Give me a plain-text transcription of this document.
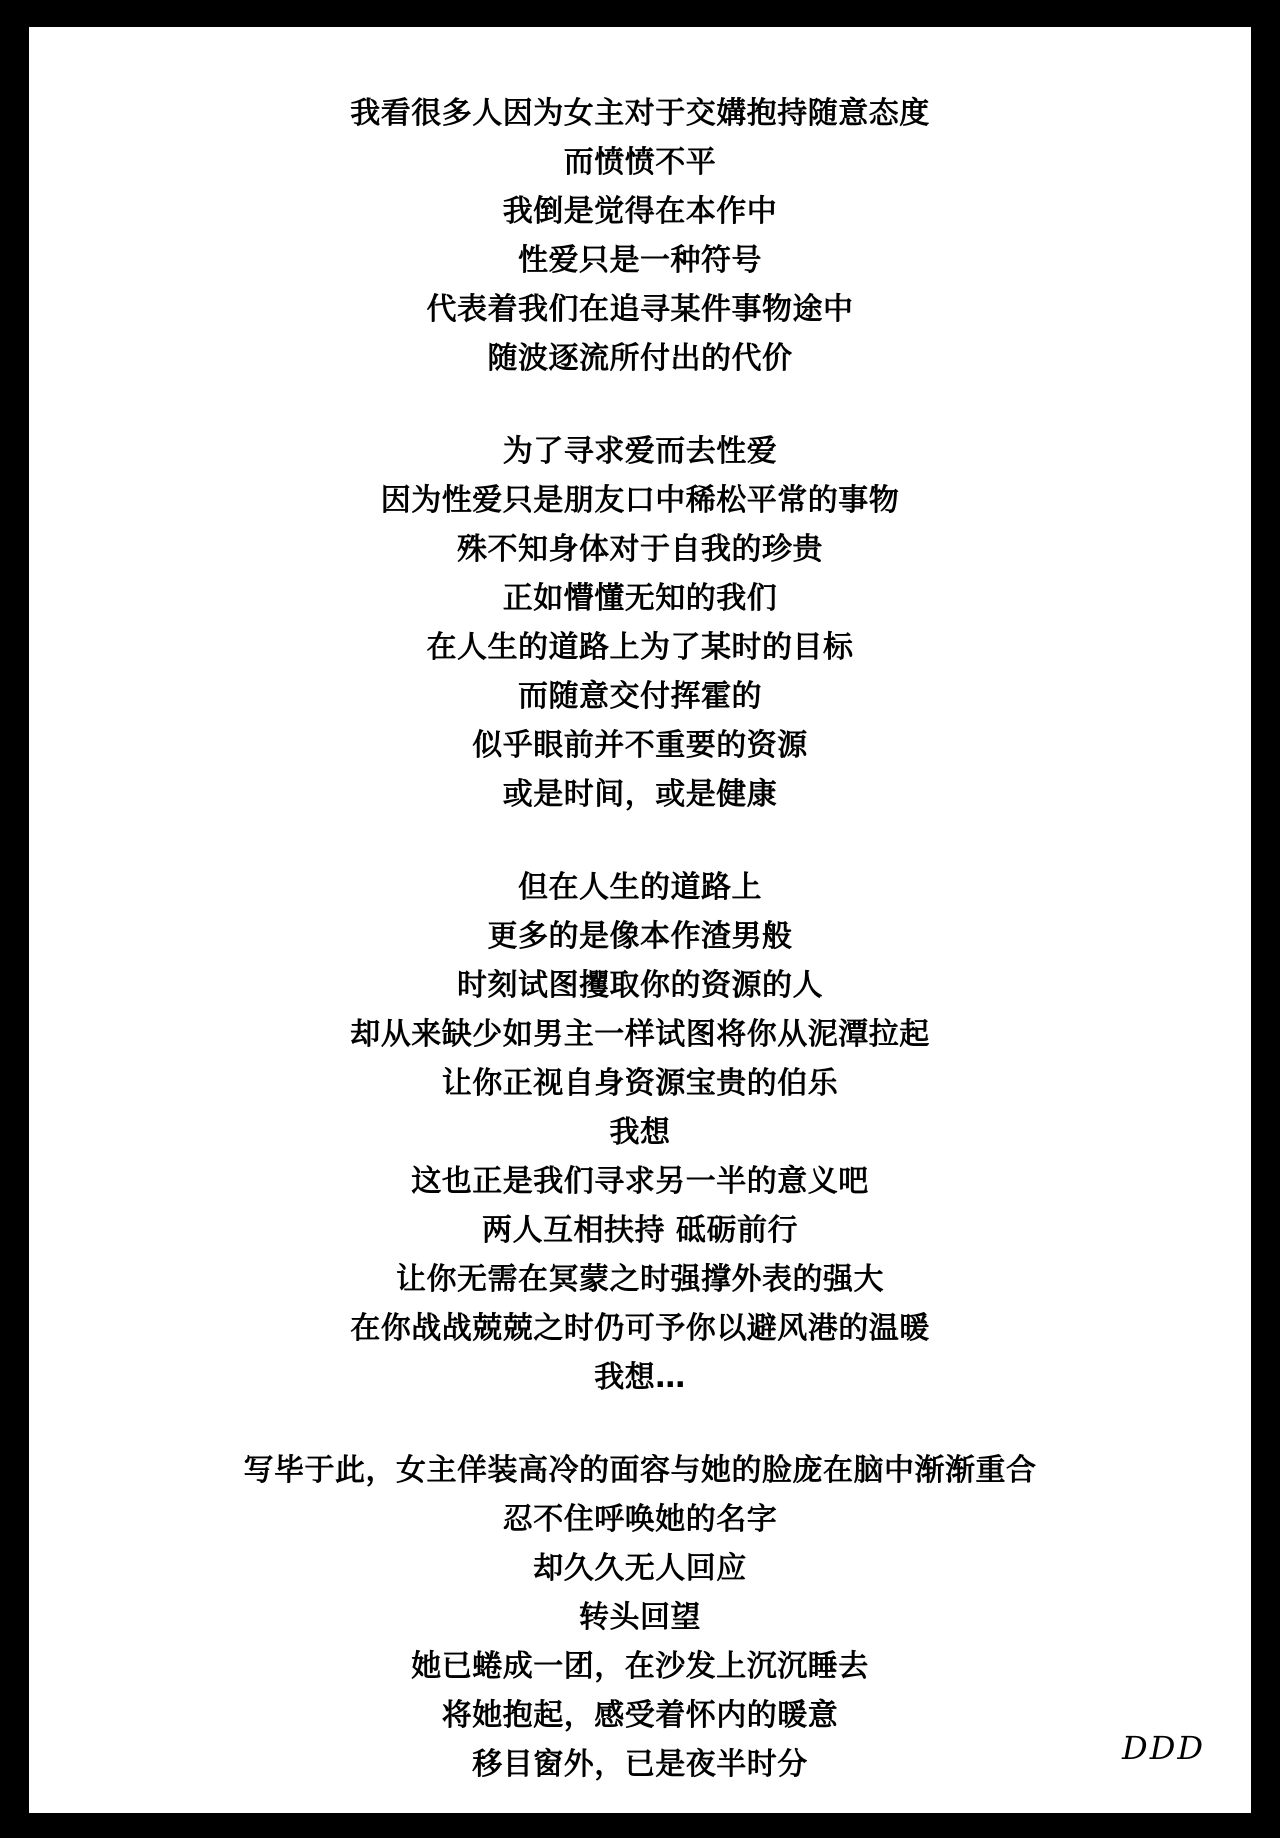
我看很多人因为女主对于交媾抱持随意态度
而愤愤不平
我倒是觉得在本作中
性爱只是一种符号
代表着我们在追寻某件事物途中
随波逐流所付出的代价
为了寻求爱而去性爱
因为性爱只是朋友口中稀松平常的事物
殊不知身体对于自我的珍贵
正如懵懂无知的我们
在人生的道路上为了某时的目标
而随意交付挥霍的
似乎眼前并不重要的资源
或是时间，或是健康
但在人生的道路上
更多的是像本作渣男般
时刻试图攫取你的资源的人
却从来缺少如男主一样试图将你从泥潭拉起
让你正视自身资源宝贵的伯乐
我想
这也正是我们寻求另一半的意义吧
两人互相扶持 砥砺前行
让你无需在冥蒙之时强撑外表的强大
在你战战兢兢之时仍可予你以避风港的温暖
我想…
写毕于此，女主佯装高冷的面容与她的脸庞在脑中渐渐重合
忍不住呼唤她的名字
却久久无人回应
转头回望
她已蜷成一团，在沙发上沉沉睡去
将她抱起，感受着怀内的暖意
移目窗外，已是夜半时分	DDD
